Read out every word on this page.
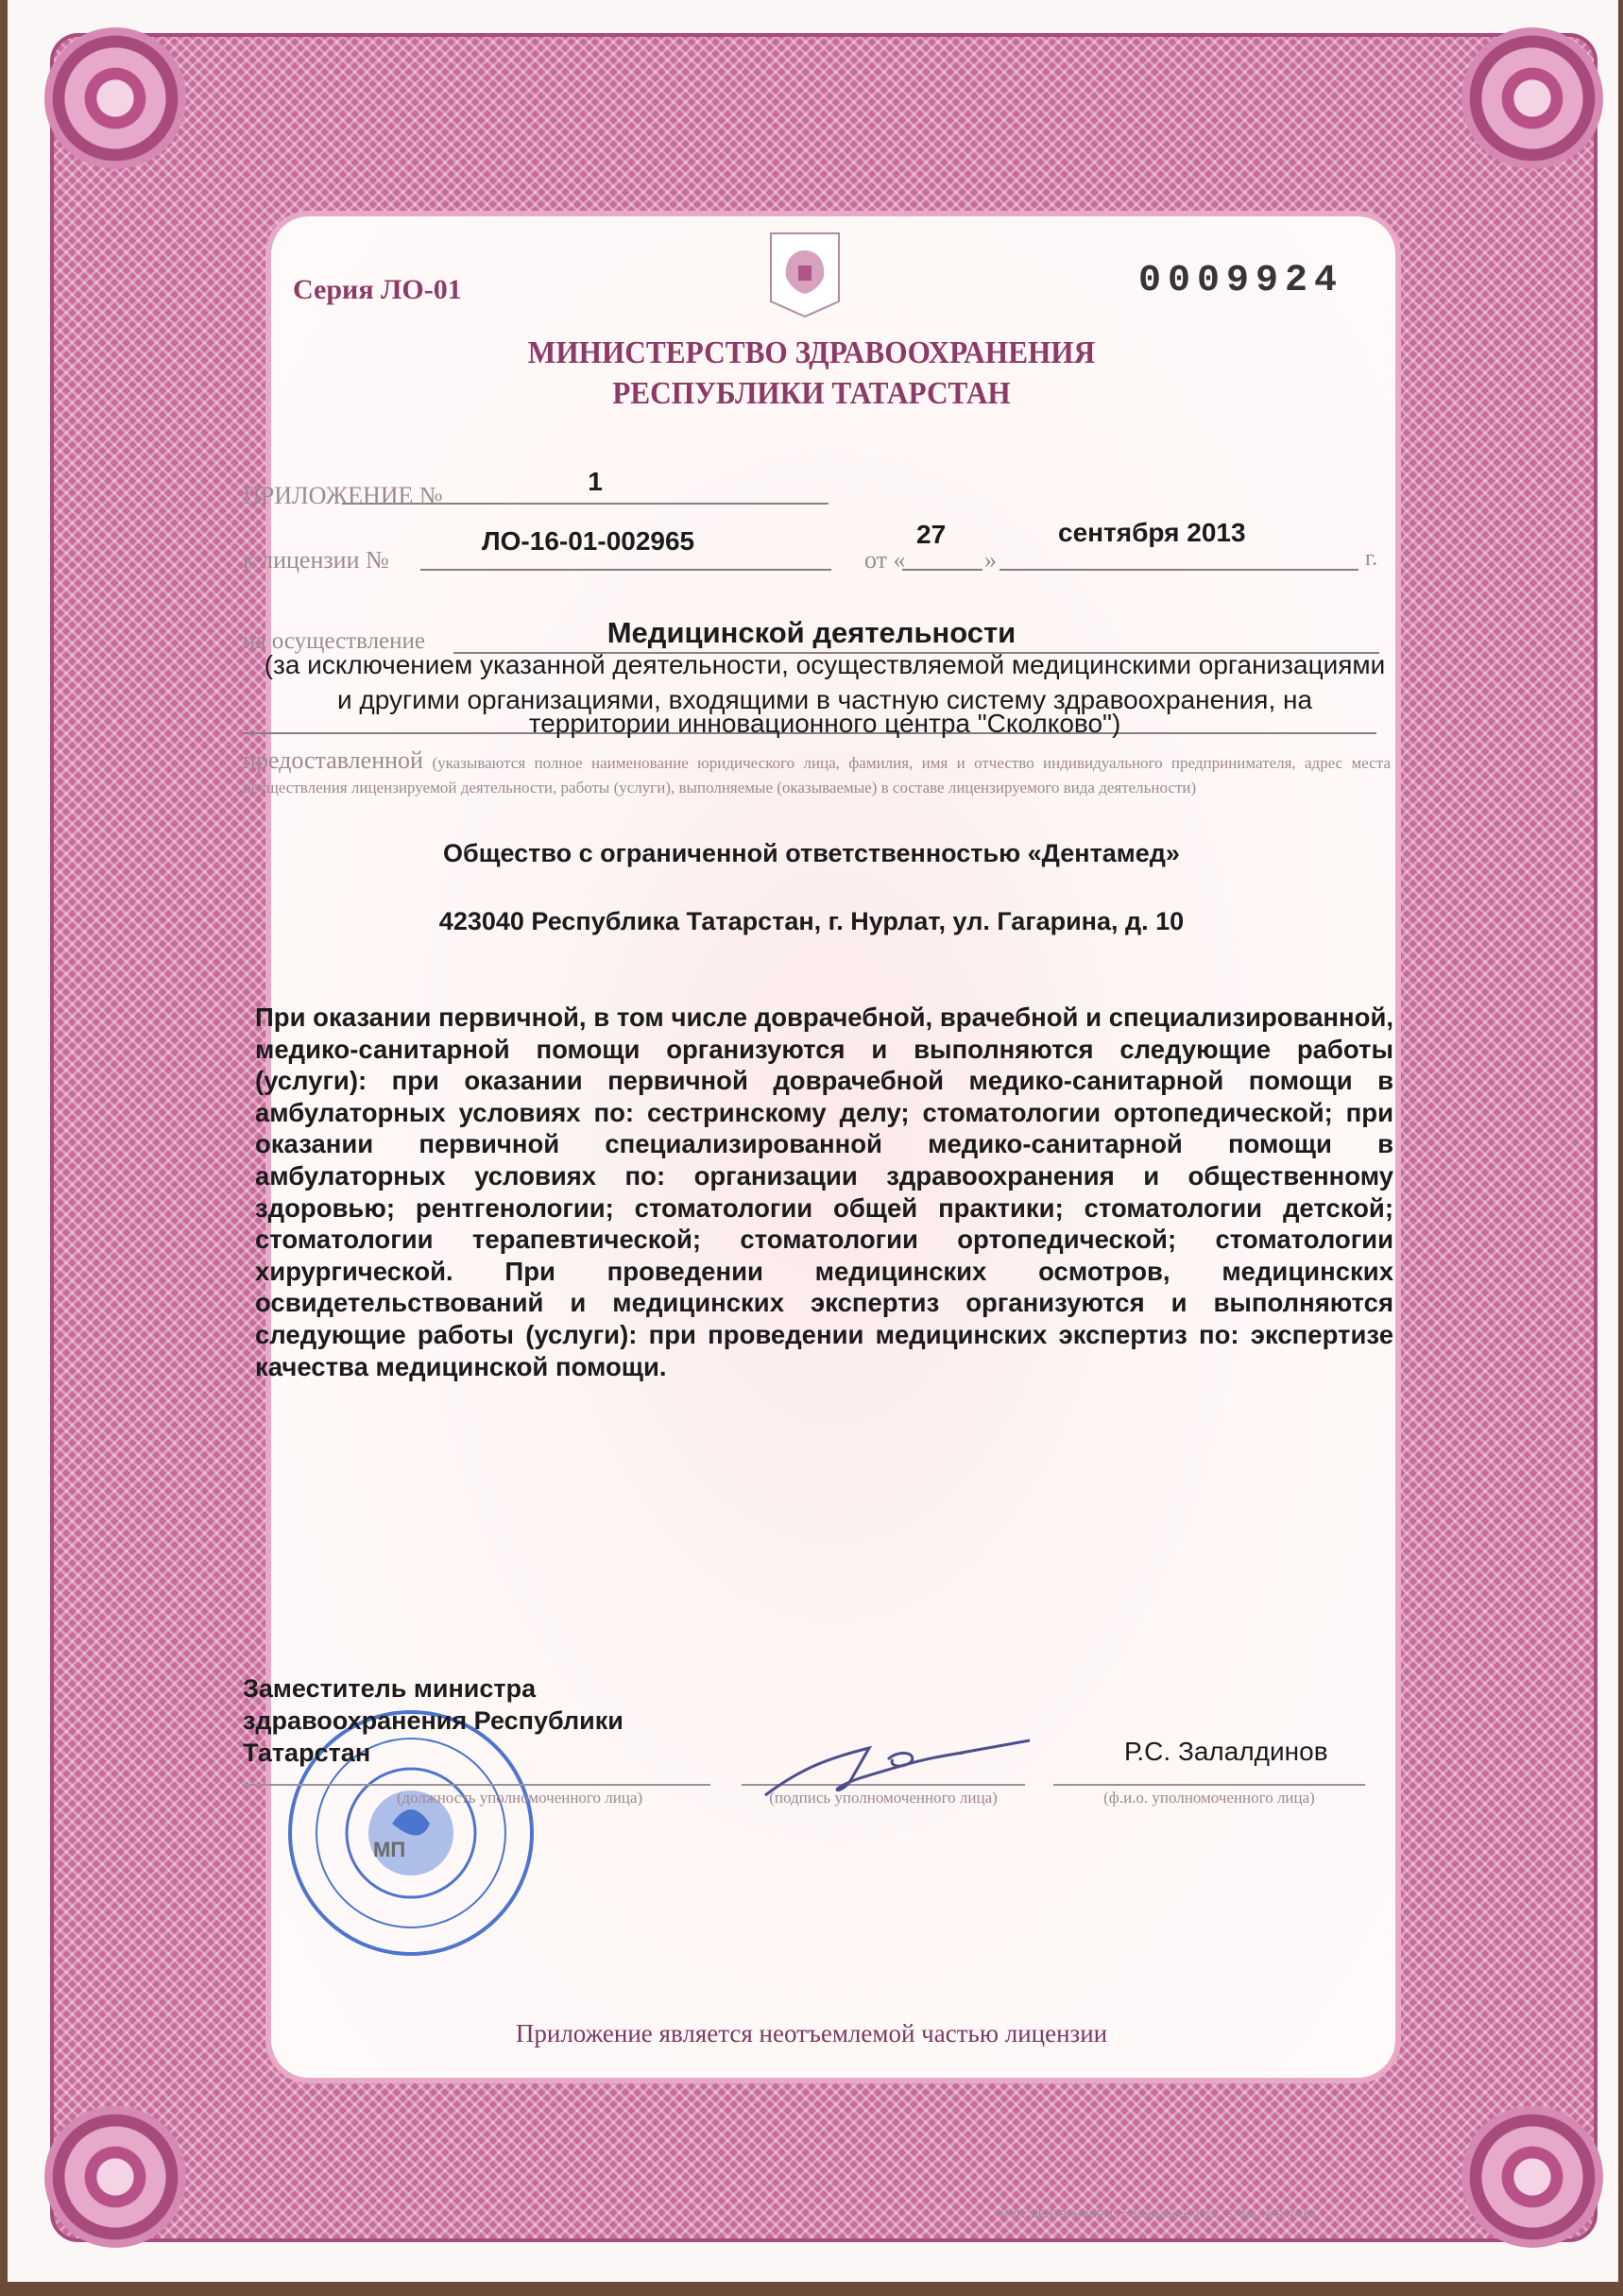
Серия ЛО-01	0009924
МИНИСТЕРСТВО ЗДРАВООХРАНЕНИЯ
РЕСПУБЛИКИ ТАТАРСТАН
ПРИЛОЖЕНИЕ №	1
к лицензии №
ЛО-16-01-002965
от «	»
27	сентября 2013
г.
на осуществление	Медицинской деятельности
(за исключением указанной деятельности, осуществляемой медицинскими организациями
и другими организациями, входящими в частную систему здравоохранения, на
территории инновационного центра "Сколково")
предоставленной (указываются полное наименование юридического лица, фамилия, имя и отчество индивидуального предпринимателя, адрес места осуществления лицензируемой деятельности, работы (услуги), выполняемые (оказываемые) в составе лицензируемого вида деятельности)
Общество с ограниченной ответственностью «Дентамед»
423040 Республика Татарстан, г. Нурлат, ул. Гагарина, д. 10
При оказании первичной, в том числе доврачебной, врачебной и специализированной, медико-санитарной помощи организуются и выполняются следующие работы (услуги): при оказании первичной доврачебной медико-санитарной помощи в амбулаторных условиях по: сестринскому делу; стоматологии ортопедической; при оказании первичной специализированной медико-санитарной помощи в амбулаторных условиях по: организации здравоохранения и общественному здоровью; рентгенологии; стоматологии общей практики; стоматологии детской; стоматологии терапевтической; стоматологии ортопедической; стоматологии хирургической. При проведении медицинских осмотров, медицинских освидетельствований и медицинских экспертиз организуются и выполняются следующие работы (услуги): при проведении медицинских экспертиз по: экспертизе качества медицинской помощи.
Заместитель министра
здравоохранения Республики
Татарстан
(должность уполномоченного лица)	(подпись уполномоченного лица)	(ф.и.о. уполномоченного лица)
Р.С. Залалдинов
МП
Приложение является неотъемлемой частью лицензии
ФГУП "ЦЕНТРИНФОРМ", г. Всеволожск, 2013, "Б" Зак. № Р47-169
